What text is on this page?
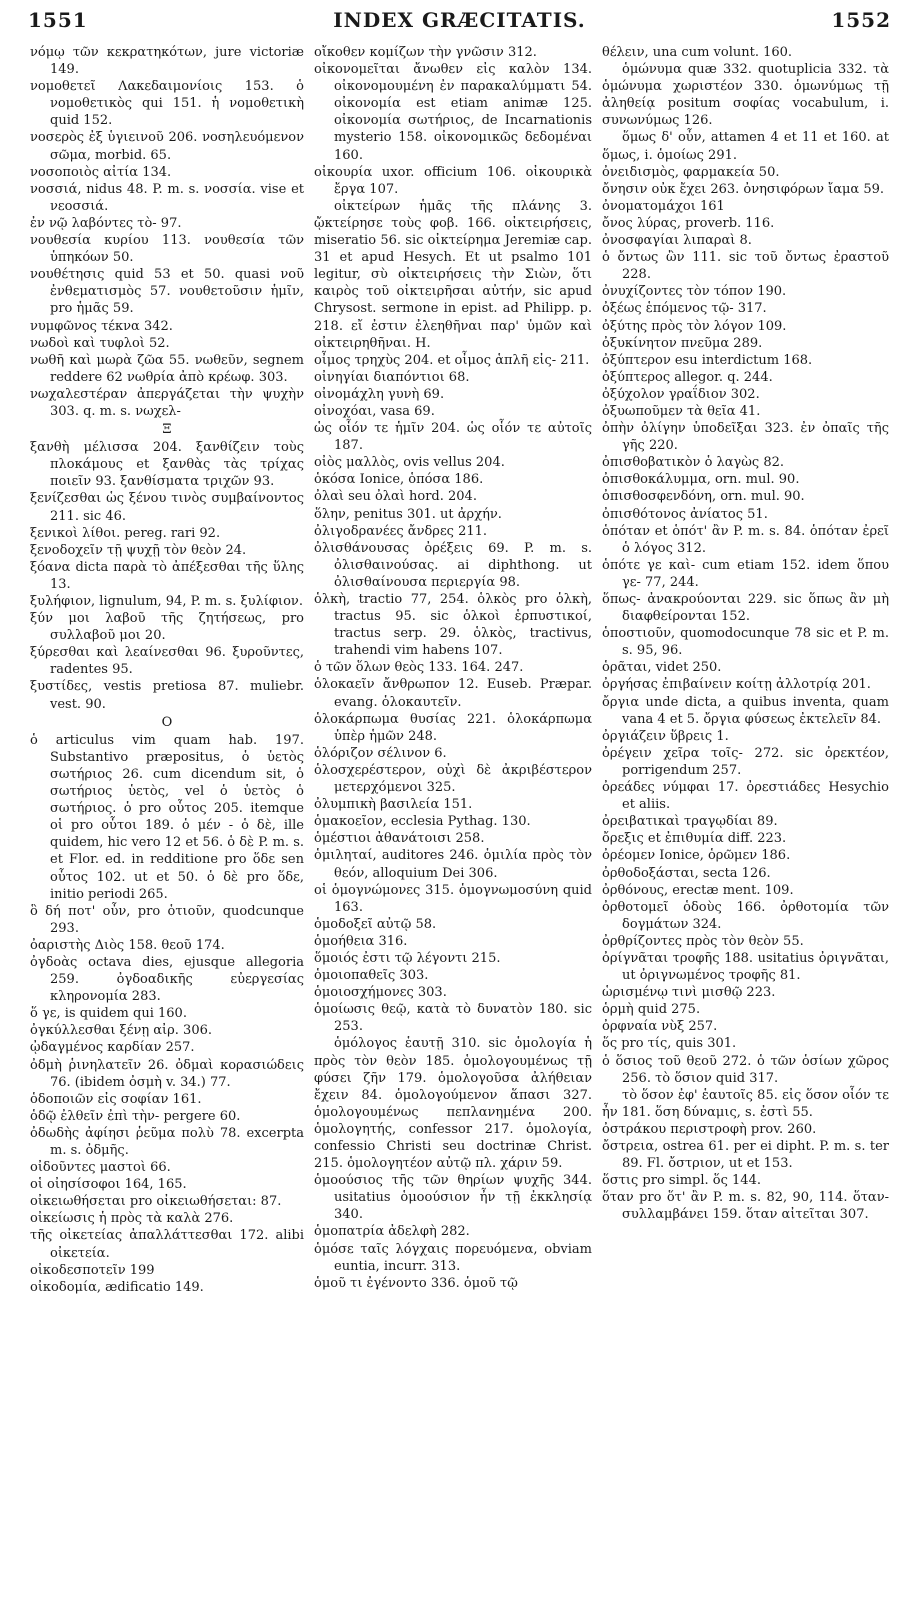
1551	INDEX GRÆCITATIS.	1552

νόμῳ τῶν κεκρατηκότων, jure victoriæ 149.

νομοθετεῖ Λακεδαιμονίοις 153. ὁ νομοθετικὸς qui 151. ἡ νομοθετικὴ quid 152.

νοσερὸς ἐξ ὑγιεινοῦ 206. νοσηλευόμενον σῶμα, morbid. 65.

νοσοποιὸς αἰτία 134.

νοσσιά, nidus 48. P. m. s. νοσσία. vise et νεοσσιά.

ἐν νῷ λαβόντες τὸ- 97.

νουθεσία κυρίου 113. νουθεσία τῶν ὑπηκόων 50.

νουθέτησις quid 53 et 50. quasi νοῦ ἐνθεματισμὸς 57. νουθετοῦσιν ἡμῖν, pro ἡμᾶς 59.

νυμφῶνος τέκνα 342.

νωδοὶ καὶ τυφλοὶ 52.

νωθῆ καὶ μωρὰ ζῶα 55. νωθεῦν, segnem reddere 62 νωθρία ἀπὸ κρέωφ. 303.

νωχαλεστέραν ἀπεργάζεται τὴν ψυχὴν 303. q. m. s. νωχελ-

Ξ

ξανθὴ μέλισσα 204. ξανθίζειν τοὺς πλοκάμους et ξανθὰς τὰς τρίχας ποιεῖν 93. ξανθίσματα τριχῶν 93.

ξενίζεσθαι ὡς ξένου τινὸς συμβαίνοντος 211. sic 46.

ξενικοὶ λίθοι. pereg. rari 92.

ξενοδοχεῖν τῇ ψυχῇ τὸν θεὸν 24.

ξόανα dicta παρὰ τὸ ἀπέξεσθαι τῆς ὕλης 13.

ξυλήφιον, lignulum, 94, P. m. s. ξυλίφιον.

ξύν μοι λαβοῦ τῆς ζητήσεως, pro συλλαβοῦ μοι 20.

ξύρεσθαι καὶ λεαίνεσθαι 96. ξυροῦντες, radentes 95.

ξυστίδες, vestis pretiosa 87. muliebr. vest. 90.

Ο

ὁ articulus vim quam hab. 197. Substantivo præpositus, ὁ ὑετὸς σωτήριος 26. cum dicendum sit, ὁ σωτήριος ὑετὸς, vel ὁ ὑετὸς ὁ σωτήριος. ὁ pro οὗτος 205. itemque οἱ pro οὗτοι 189. ὁ μέν - ὁ δὲ, ille quidem, hic vero 12 et 56. ὁ δὲ P. m. s. et Flor. ed. in redditione pro ὅδε sen οὗτος 102. ut et 50. ὁ δὲ pro ὅδε, initio periodi 265.

ὃ δή ποτ' οὖν, pro ὁτιοῦν, quodcunque 293.

ὀαριστὴς Διὸς 158. θεοῦ 174.

ὀγδοὰς octava dies, ejusque allegoria 259. ὀγδοαδικῆς εὐεργεσίας κληρονομία 283.

ὅ γε, is quidem qui 160.

ὀγκύλλεσθαι ξένῃ αἰρ. 306.

ᾠδαγμένος καρδίαν 257.

ὀδμὴ ῥινηλατεῖν 26. ὀδμαὶ κορασιώδεις 76. (ibidem ὀσμὴ v. 34.) 77.

ὁδοποιῶν εἰς σοφίαν 161.

ὁδῷ ἐλθεῖν ἐπὶ τὴν- pergere 60.

ὀδωδὴς ἀφίησι ῥεῦμα πολὺ 78. excerpta m. s. ὀδμῆς.

οἰδοῦντες μαστοὶ 66.

οἱ οἰησίσοφοι 164, 165.

οἰκειωθήσεται pro οἰκειωθήσεται: 87.

οἰκείωσις ἡ πρὸς τὰ καλὰ 276.

τῆς οἰκετείας ἀπαλλάττεσθαι 172. alibi οἰκετεία.

οἰκοδεσποτεῖν 199

οἰκοδομία, ædificatio 149.

οἴκοθεν κομίζων τὴν γνῶσιν 312.

οἰκονομεῖται ἄνωθεν εἰς καλὸν 134. οἰκονομουμένη ἐν παρακαλύμματι 54. οἰκονομία est etiam animæ 125. οἰκονομία σωτήριος, de Incarnationis mysterio 158. οἰκονομικῶς δεδομέναι 160.

οἰκουρία uxor. officium 106. οἰκουρικὰ ἔργα 107.

οἰκτείρων ἡμᾶς τῆς πλάνης 3. ᾤκτείρησε τοὺς φοβ. 166. οἰκτειρήσεις, miseratio 56. sic οἰκτείρημα Jeremiæ cap. 31 et apud Hesych. Et ut psalmo 101 legitur, σὺ οἰκτειρήσεις τὴν Σιὼν, ὅτι καιρὸς τοῦ οἰκτειρῆσαι αὐτήν, sic apud Chrysost. sermone in epist. ad Philipp. p. 218. εἴ ἐστιν ἐλεηθῆναι παρ' ὑμῶν καὶ οἰκτειρηθῆναι. H.

οἶμος τρηχὺς 204. et οἶμος ἁπλῆ εἰς- 211.

οἰνηγίαι διαπόντιοι 68.

οἰνομάχλη γυνὴ 69.

οἰνοχόαι, vasa 69.

ὡς οἷόν τε ἡμῖν 204. ὡς οἷόν τε αὐτοῖς 187.

οἰὸς μαλλὸς, ovis vellus 204.

ὁκόσα Ionice, ὁπόσα 186.

ὀλαὶ seu ὀλαὶ hord. 204.

ὅλην, penitus 301. ut ἀρχήν.

ὀλιγοδρανέες ἄνδρες 211.

ὀλισθάνουσας ὀρέξεις 69. P. m. s. ὀλισθαινούσας. ai diphthong. ut ὀλισθαίνουσα περιεργία 98.

ὁλκὴ, tractio 77, 254. ὁλκὸς pro ὁλκὴ, tractus 95. sic ὁλκοὶ ἑρπυστικοί, tractus serp. 29. ὁλκὸς, tractivus, trahendi vim habens 107.

ὁ τῶν ὅλων θεὸς 133. 164. 247.

ὁλοκαεῖν ἄνθρωπον 12. Euseb. Præpar. evang. ὁλοκαυτεῖν.

ὁλοκάρπωμα θυσίας 221. ὁλοκάρπωμα ὑπὲρ ἡμῶν 248.

ὁλόριζον σέλινον 6.

ὁλοσχερέστερον, οὐχὶ δὲ ἀκριβέστερον μετερχόμενοι 325.

ὀλυμπικὴ βασιλεία 151.

ὁμακοεῖον, ecclesia Pythag. 130.

ὁμέστιοι ἀθανάτοισι 258.

ὁμιληταί, auditores 246. ὁμιλία πρὸς τὸν θεόν, alloquium Dei 306.

οἱ ὁμογνώμονες 315. ὁμογνωμοσύνη quid 163.

ὁμοδοξεῖ αὐτῷ 58.

ὁμοήθεια 316.

ὅμοιός ἐστι τῷ λέγοντι 215.

ὁμοιοπαθεῖς 303.

ὁμοιοσχήμονες 303.

ὁμοίωσις θεῷ, κατὰ τὸ δυνατὸν 180. sic 253.

ὁμόλογος ἑαυτῇ 310. sic ὁμολογία ἡ πρὸς τὸν θεὸν 185. ὁμολογουμένως τῇ φύσει ζῆν 179. ὁμολογοῦσα ἀλήθειαν ἔχειν 84. ὁμολογούμενον ἅπασι 327. ὁμολογουμένως πεπλανημένα 200. ὁμολογητής, confessor 217. ὁμολογία, confessio Christi seu doctrinæ Christ. 215. ὁμολογητέον αὐτῷ πλ. χάριν 59.

ὁμοούσιος τῆς τῶν θηρίων ψυχῆς 344. usitatius ὁμοούσιον ἦν τῇ ἐκκλησίᾳ 340.

ὁμοπατρία ἀδελφὴ 282.

ὁμόσε ταῖς λόγχαις πορευόμενα, obviam euntia, incurr. 313.

ὁμοῦ τι ἐγένοντο 336. ὁμοῦ τῷ

θέλειν, una cum volunt. 160.

ὁμώνυμα quæ 332. quotuplicia 332. τὰ ὁμώνυμα χωριστέον 330. ὁμωνύμως τῇ ἀληθείᾳ positum σοφίας vocabulum, i. συνωνύμως 126.

ὅμως δ' οὖν, attamen 4 et 11 et 160. at ὅμως, i. ὁμοίως 291.

ὀνειδισμὸς, φαρμακεία 50.

ὄνησιν οὐκ ἔχει 263. ὀνησιφόρων ἴαμα 59.

ὀνοματομάχοι 161

ὄνος λύρας, proverb. 116.

ὀνοσφαγίαι λιπαραὶ 8.

ὁ ὄντως ὢν 111. sic τοῦ ὄντως ἐραστοῦ 228.

ὀνυχίζοντες τὸν τόπον 190.

ὀξέως ἑπόμενος τῷ- 317.

ὀξύτης πρὸς τὸν λόγον 109.

ὀξυκίνητον πνεῦμα 289.

ὀξύπτερον esu interdictum 168.

ὀξύπτερος allegor. q. 244.

ὀξύχολον γραΐδιον 302.

ὀξυωποῦμεν τὰ θεῖα 41.

ὀπὴν ὀλίγην ὑποδεῖξαι 323. ἐν ὀπαῖς τῆς γῆς 220.

ὀπισθοβατικὸν ὁ λαγὼς 82.

ὀπισθοκάλυμμα, orn. mul. 90.

ὀπισθοσφενδόνη, orn. mul. 90.

ὀπισθότονος ἀνίατος 51.

ὁπόταν et ὁπότ' ἂν P. m. s. 84. ὁπόταν ἐρεῖ ὁ λόγος 312.

ὁπότε γε καὶ- cum etiam 152. idem ὅπου γε- 77, 244.

ὅπως- ἀνακρούονται 229. sic ὅπως ἂν μὴ διαφθείρονται 152.

ὁποστιοῦν, quomodocunque 78 sic et P. m. s. 95, 96.

ὁρᾶται, videt 250.

ὀργήσας ἐπιβαίνειν κοίτῃ ἀλλοτρίᾳ 201.

ὄργια unde dicta, a quibus inventa, quam vana 4 et 5. ὄργια φύσεως ἐκτελεῖν 84.

ὀργιάζειν ὕβρεις 1.

ὀρέγειν χεῖρα τοῖς- 272. sic ὀρεκτέον, porrigendum 257.

ὀρεάδες νύμφαι 17. ὀρεστιάδες Hesychio et aliis.

ὀρειβατικαὶ τραγῳδίαι 89.

ὄρεξις et ἐπιθυμία diff. 223.

ὀρέομεν Ionice, ὁρῶμεν 186.

ὀρθοδοξάσται, secta 126.

ὀρθόνους, erectæ ment. 109.

ὀρθοτομεῖ ὁδοὺς 166. ὀρθοτομία τῶν δογμάτων 324.

ὀρθρίζοντες πρὸς τὸν θεὸν 55.

ὀρίγνᾶται τροφῆς 188. usitatius ὀριγνᾶται, ut ὀριγνωμένος τροφῆς 81.

ὡρισμένῳ τινὶ μισθῷ 223.

ὁρμὴ quid 275.

ὀρφναία νὺξ 257.

ὅς pro τίς, quis 301.

ὁ ὅσιος τοῦ θεοῦ 272. ὁ τῶν ὁσίων χῶρος 256. τὸ ὅσιον quid 317.

τὸ ὅσον ἐφ' ἑαυτοῖς 85. εἰς ὅσον οἷόν τε ἦν 181. ὅση δύναμις, s. ἐστὶ 55.

ὀστράκου περιστροφὴ prov. 260.

ὄστρεια, ostrea 61. per ei dipht. P. m. s. ter 89. Fl. ὄστριον, ut et 153.

ὅστις pro simpl. ὅς 144.

ὅταν pro ὅτ' ἂν P. m. s. 82, 90, 114. ὅταν- συλλαμβάνει 159. ὅταν αἰτεῖται 307.
